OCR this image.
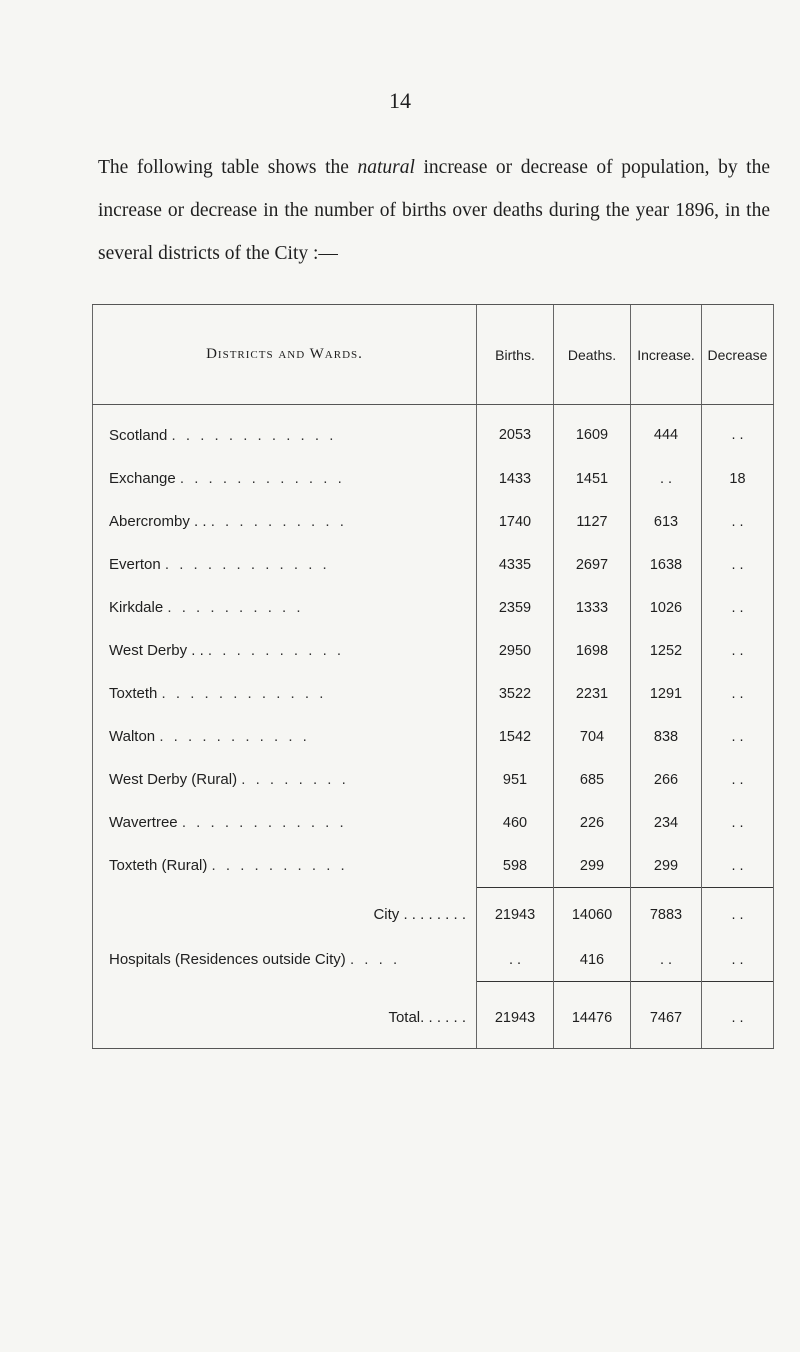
14

The following table shows the natural increase or decrease of population, by the increase or decrease in the number of births over deaths during the year 1896, in the several districts of the City :—

Districts and Wards.	Births.	Deaths.	Increase.	Decrease
Scotland . . . . . . . . . . . .	2053	1609	444	. .
Exchange . . . . . . . . . . . .	1433	1451	. .	18
Abercromby . . . . . . . . . . . .	1740	1127	613	. .
Everton . . . . . . . . . . . .	4335	2697	1638	. .
Kirkdale . . . . . . . . . .	2359	1333	1026	. .
West Derby . . . . . . . . . . . .	2950	1698	1252	. .
Toxteth . . . . . . . . . . . .	3522	2231	1291	. .
Walton . . . . . . . . . . .	1542	704	838	. .
West Derby (Rural) . . . . . . . .	951	685	266	. .
Wavertree . . . . . . . . . . . .	460	226	234	. .
Toxteth (Rural) . . . . . . . . . .	598	299	299	. .
City . . . . . . . .	21943	14060	7883	. .
Hospitals (Residences outside City) . . . .	. .	416	. .	. .
Total. . . . . .	21943	14476	7467	. .
